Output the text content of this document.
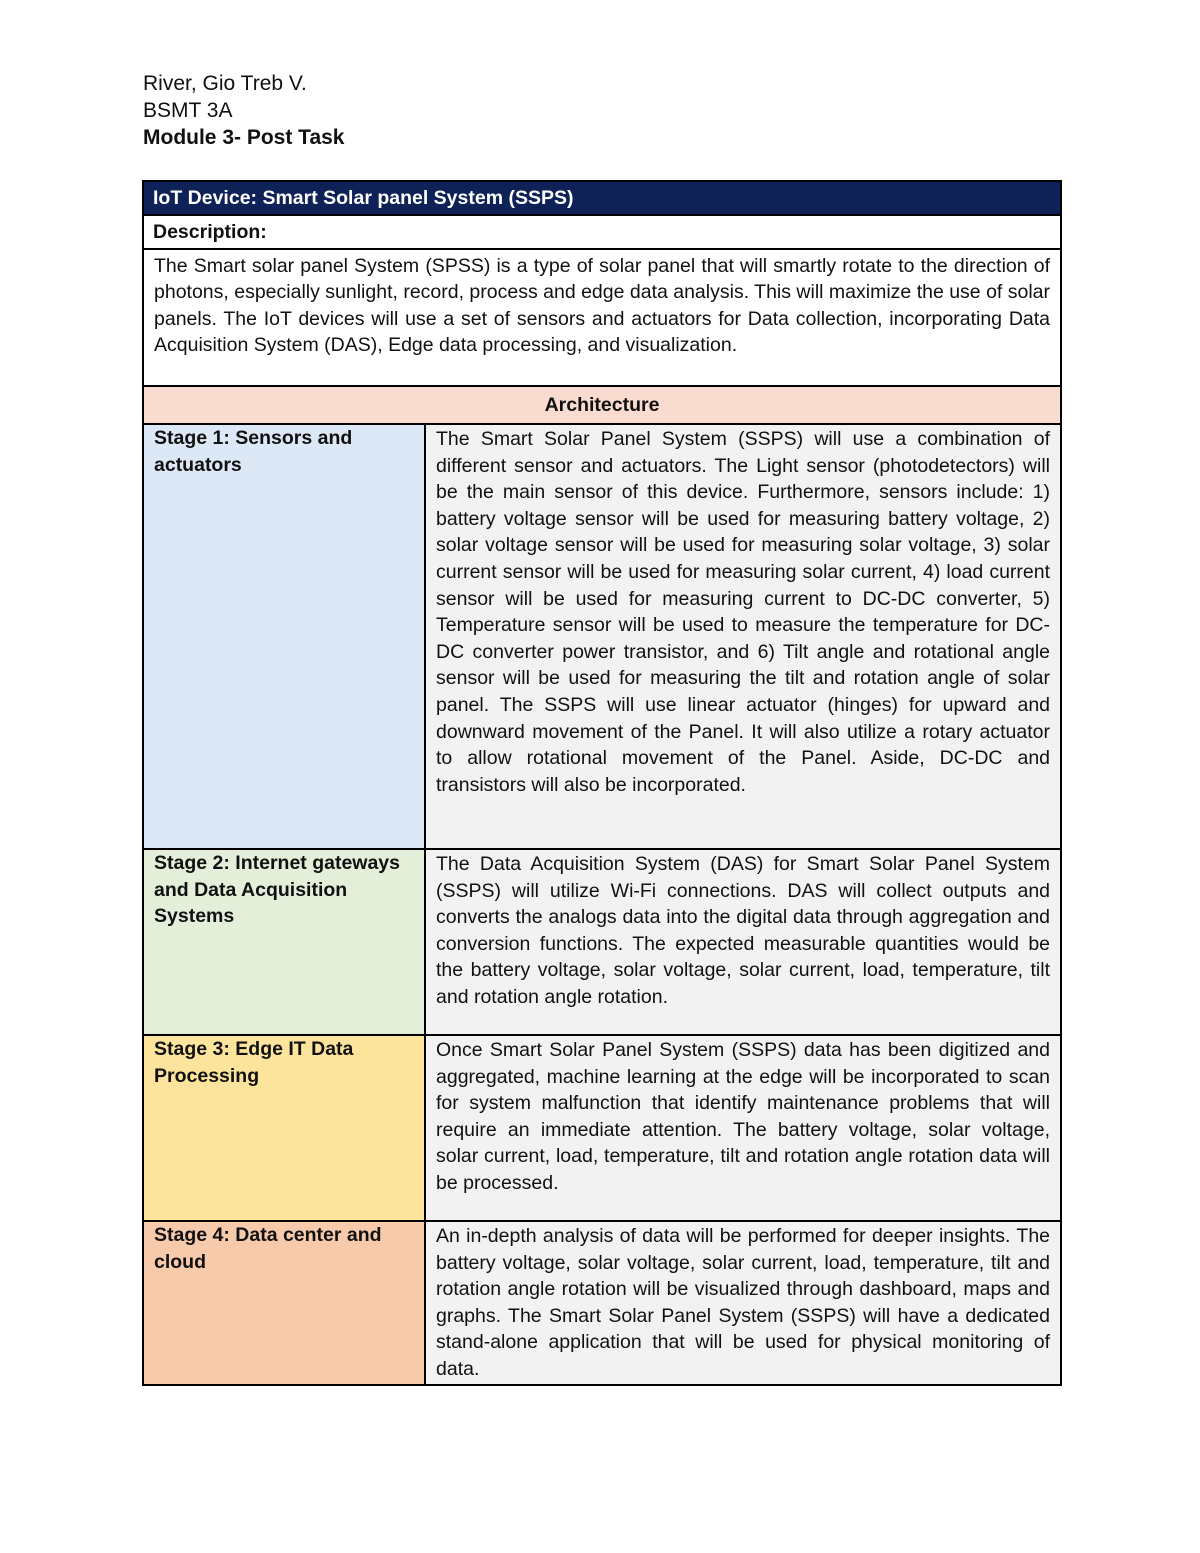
River, Gio Treb V.
BSMT 3A
Module 3- Post Task
IoT Device: Smart Solar panel System (SSPS)	
Description:	
The Smart solar panel System (SPSS) is a type of solar panel that will smartly rotate to the direction of photons, especially sunlight, record, process and edge data analysis. This will maximize the use of solar panels. The IoT devices will use a set of sensors and actuators for Data collection, incorporating Data Acquisition System (DAS), Edge data processing, and visualization.	
Architecture	
Stage 1: Sensors and actuators	The Smart Solar Panel System (SSPS) will use a combination of different sensor and actuators. The Light sensor (photodetectors) will be the main sensor of this device. Furthermore, sensors include: 1) battery voltage sensor will be used for measuring battery voltage, 2) solar voltage sensor will be used for measuring solar voltage, 3) solar current sensor will be used for measuring solar current, 4) load current sensor will be used for measuring current to DC-DC converter, 5) Temperature sensor will be used to measure the temperature for DC-DC converter power transistor, and 6) Tilt angle and rotational angle sensor will be used for measuring the tilt and rotation angle of solar panel. The SSPS will use linear actuator (hinges) for upward and downward movement of the Panel. It will also utilize a rotary actuator to allow rotational movement of the Panel. Aside, DC-DC and transistors will also be incorporated.
Stage 2: Internet gateways and Data Acquisition Systems	The Data Acquisition System (DAS) for Smart Solar Panel System (SSPS) will utilize Wi-Fi connections. DAS will collect outputs and converts the analogs data into the digital data through aggregation and conversion functions. The expected measurable quantities would be the battery voltage, solar voltage, solar current, load, temperature, tilt and rotation angle rotation.
Stage 3: Edge IT Data Processing	Once Smart Solar Panel System (SSPS) data has been digitized and aggregated, machine learning at the edge will be incorporated to scan for system malfunction that identify maintenance problems that will require an immediate attention. The battery voltage, solar voltage, solar current, load, temperature, tilt and rotation angle rotation data will be processed.
Stage 4: Data center and cloud	An in-depth analysis of data will be performed for deeper insights. The battery voltage, solar voltage, solar current, load, temperature, tilt and rotation angle rotation will be visualized through dashboard, maps and graphs. The Smart Solar Panel System (SSPS) will have a dedicated stand-alone application that will be used for physical monitoring of data.
